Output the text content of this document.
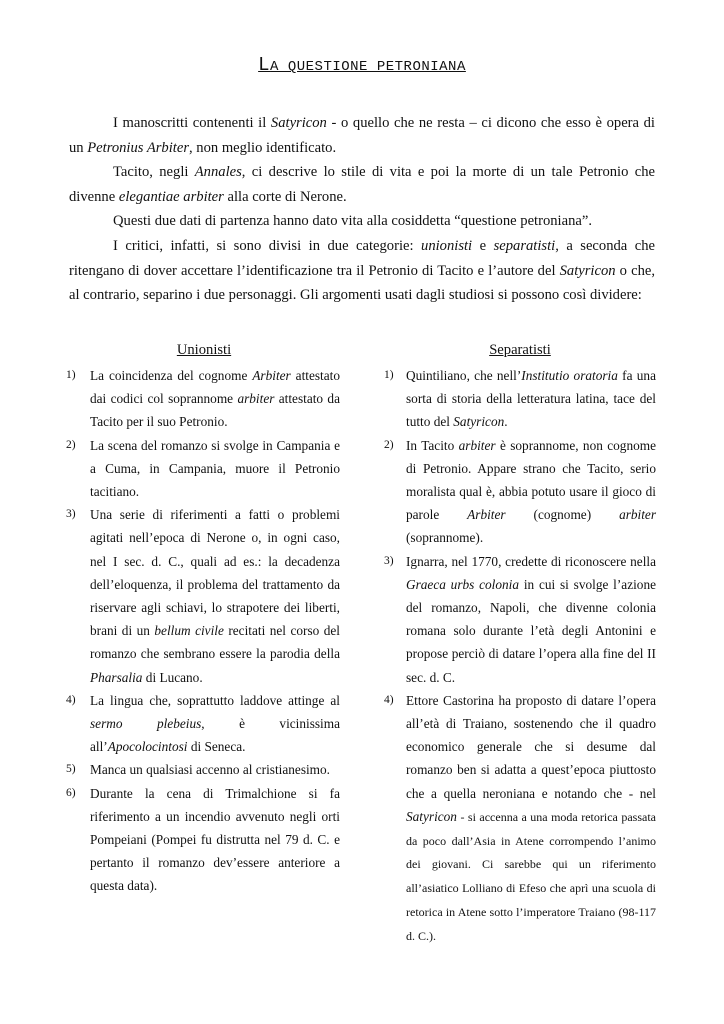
LA QUESTIONE PETRONIANA

I manoscritti contenenti il Satyricon - o quello che ne resta – ci dicono che esso è opera di un Petronius Arbiter, non meglio identificato.

Tacito, negli Annales, ci descrive lo stile di vita e poi la morte di un tale Petronio che divenne elegantiae arbiter alla corte di Nerone.

Questi due dati di partenza hanno dato vita alla cosiddetta “questione petroniana”.

I critici, infatti, si sono divisi in due categorie: unionisti e separatisti, a seconda che ritengano di dover accettare l’identificazione tra il Petronio di Tacito e l’autore del Satyricon o che, al contrario, separino i due personaggi. Gli argomenti usati dagli studiosi si possono così dividere:

Unionisti
1) La coincidenza del cognome Arbiter attestato dai codici col soprannome arbiter attestato da Tacito per il suo Petronio.
2) La scena del romanzo si svolge in Campania e a Cuma, in Campania, muore il Petronio tacitiano.
3) Una serie di riferimenti a fatti o problemi agitati nell’epoca di Nerone o, in ogni caso, nel I sec. d. C., quali ad es.: la decadenza dell’eloquenza, il problema del trattamento da riservare agli schiavi, lo strapotere dei liberti, brani di un bellum civile recitati nel corso del romanzo che sembrano essere la parodia della Pharsalia di Lucano.
4) La lingua che, soprattutto laddove attinge al sermo plebeius, è vicinissima all’Apocolocintosi di Seneca.
5) Manca un qualsiasi accenno al cristianesimo.
6) Durante la cena di Trimalchione si fa riferimento a un incendio avvenuto negli orti Pompeiani (Pompei fu distrutta nel 79 d. C. e pertanto il romanzo dev’essere anteriore a questa data).
Separatisti
1) Quintiliano, che nell’Institutio oratoria fa una sorta di storia della letteratura latina, tace del tutto del Satyricon.
2) In Tacito arbiter è soprannome, non cognome di Petronio. Appare strano che Tacito, serio moralista qual è, abbia potuto usare il gioco di parole Arbiter (cognome) arbiter (soprannome).
3) Ignarra, nel 1770, credette di riconoscere nella Graeca urbs colonia in cui si svolge l’azione del romanzo, Napoli, che divenne colonia romana solo durante l’età degli Antonini e propose perciò di datare l’opera alla fine del II sec. d. C.
4) Ettore Castorina ha proposto di datare l’opera all’età di Traiano, sostenendo che il quadro economico generale che si desume dal romanzo ben si adatta a quest’epoca piuttosto che a quella neroniana e notando che - nel Satyricon - si accenna a una moda retorica passata da poco dall’Asia in Atene corrompendo l’animo dei giovani. Ci sarebbe qui un riferimento all’asiatico Lolliano di Efeso che aprì una scuola di retorica in Atene sotto l’imperatore Traiano (98-117 d. C.).
